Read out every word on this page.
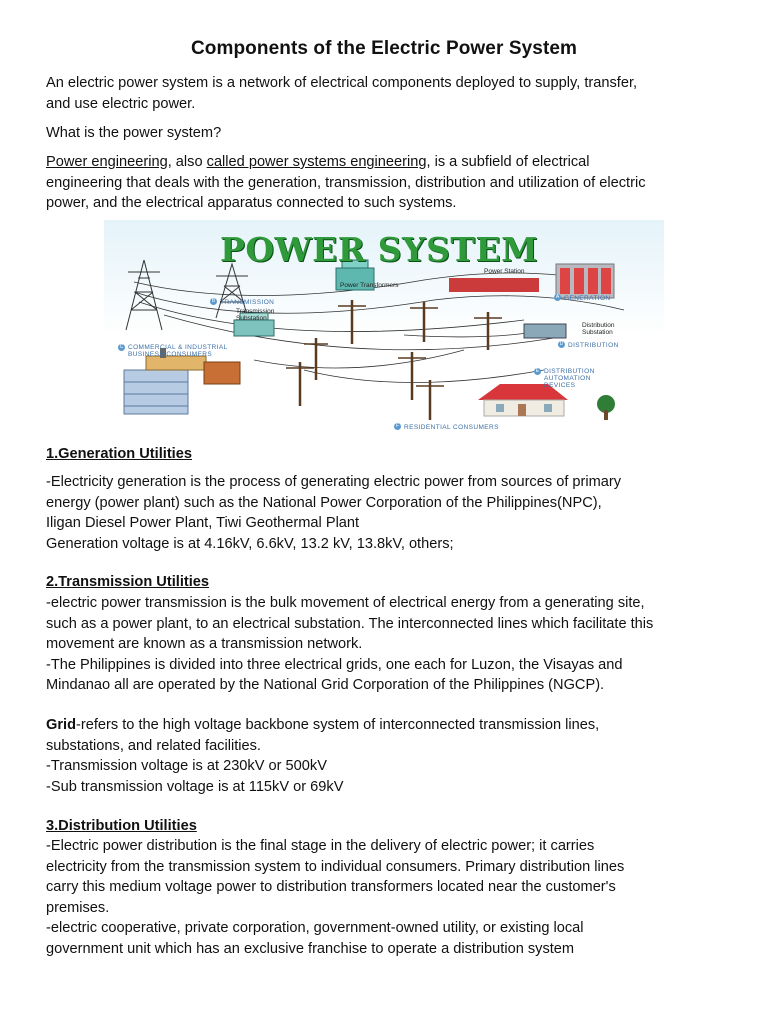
Components of the Electric Power System

An electric power system is a network of electrical components deployed to supply, transfer,
and use electric power.

What is the power system?

Power engineering, also called power systems engineering, is a subfield of electrical
engineering that deals with the generation, transmission, distribution and utilization of electric
power, and the electrical apparatus connected to such systems.

POWER SYSTEM
Power Transformers
Power Station
B TRANSMISSION
A GENERATION
Transmission Substation
C COMMERCIAL & INDUSTRIAL BUSINESS CONSUMERS
Distribution Substation
D DISTRIBUTION
E DISTRIBUTION AUTOMATION DEVICES
F RESIDENTIAL CONSUMERS

1.Generation Utilities

-Electricity generation is the process of generating electric power from sources of primary
energy (power plant) such as the National Power Corporation of the Philippines(NPC),
Iligan Diesel Power Plant, Tiwi Geothermal Plant
Generation voltage is at 4.16kV, 6.6kV, 13.2 kV, 13.8kV, others;

2.Transmission Utilities

-electric power transmission is the bulk movement of electrical energy from a generating site,
such as a power plant, to an electrical substation. The interconnected lines which facilitate this
movement are known as a transmission network.
-The Philippines is divided into three electrical grids, one each for Luzon, the Visayas and
Mindanao all are operated by the National Grid Corporation of the Philippines (NGCP).

Grid-refers to the high voltage backbone system of interconnected transmission lines,
substations, and related facilities.
-Transmission voltage is at 230kV or 500kV
-Sub transmission voltage is at 115kV or 69kV

3.Distribution Utilities

-Electric power distribution is the final stage in the delivery of electric power; it carries
electricity from the transmission system to individual consumers. Primary distribution lines
carry this medium voltage power to distribution transformers located near the customer's
premises.
-electric cooperative, private corporation, government-owned utility, or existing local
government unit which has an exclusive franchise to operate a distribution system
